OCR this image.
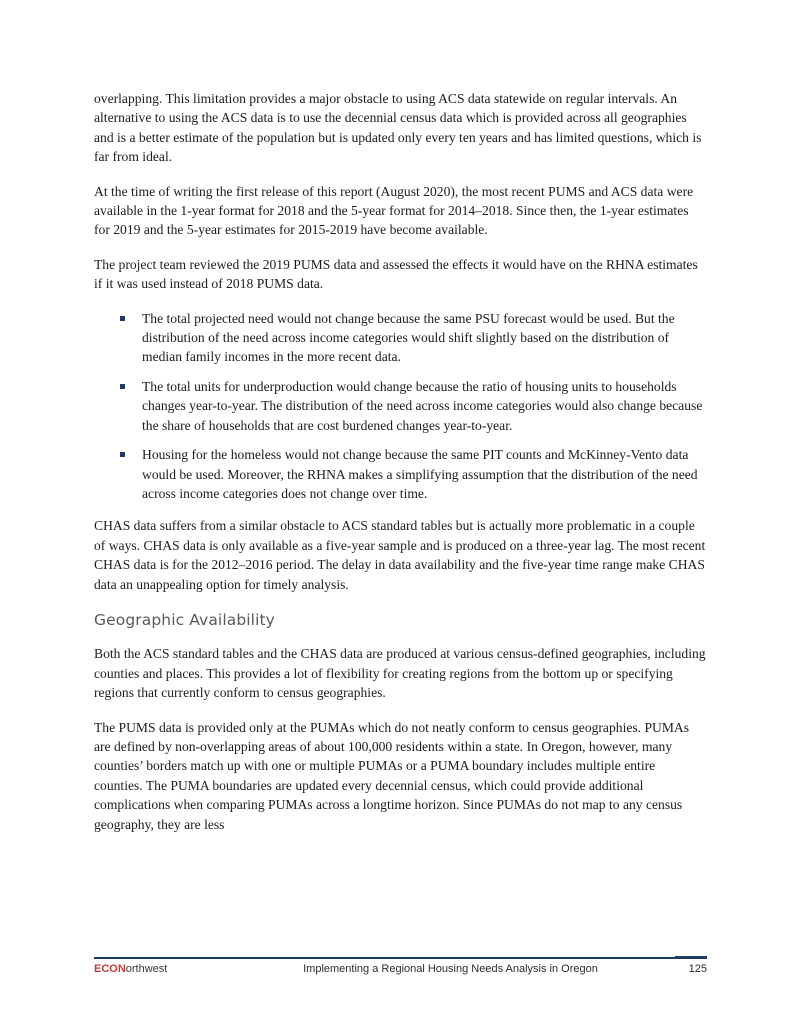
overlapping. This limitation provides a major obstacle to using ACS data statewide on regular intervals. An alternative to using the ACS data is to use the decennial census data which is provided across all geographies and is a better estimate of the population but is updated only every ten years and has limited questions, which is far from ideal.

At the time of writing the first release of this report (August 2020), the most recent PUMS and ACS data were available in the 1-year format for 2018 and the 5-year format for 2014–2018. Since then, the 1-year estimates for 2019 and the 5-year estimates for 2015-2019 have become available.

The project team reviewed the 2019 PUMS data and assessed the effects it would have on the RHNA estimates if it was used instead of 2018 PUMS data.

The total projected need would not change because the same PSU forecast would be used. But the distribution of the need across income categories would shift slightly based on the distribution of median family incomes in the more recent data.
The total units for underproduction would change because the ratio of housing units to households changes year-to-year. The distribution of the need across income categories would also change because the share of households that are cost burdened changes year-to-year.
Housing for the homeless would not change because the same PIT counts and McKinney-Vento data would be used. Moreover, the RHNA makes a simplifying assumption that the distribution of the need across income categories does not change over time.

CHAS data suffers from a similar obstacle to ACS standard tables but is actually more problematic in a couple of ways. CHAS data is only available as a five-year sample and is produced on a three-year lag. The most recent CHAS data is for the 2012–2016 period. The delay in data availability and the five-year time range make CHAS data an unappealing option for timely analysis.

Geographic Availability

Both the ACS standard tables and the CHAS data are produced at various census-defined geographies, including counties and places. This provides a lot of flexibility for creating regions from the bottom up or specifying regions that currently conform to census geographies.

The PUMS data is provided only at the PUMAs which do not neatly conform to census geographies. PUMAs are defined by non-overlapping areas of about 100,000 residents within a state. In Oregon, however, many counties’ borders match up with one or multiple PUMAs or a PUMA boundary includes multiple entire counties. The PUMA boundaries are updated every decennial census, which could provide additional complications when comparing PUMAs across a longtime horizon. Since PUMAs do not map to any census geography, they are less

ECONorthwest	Implementing a Regional Housing Needs Analysis in Oregon	125
